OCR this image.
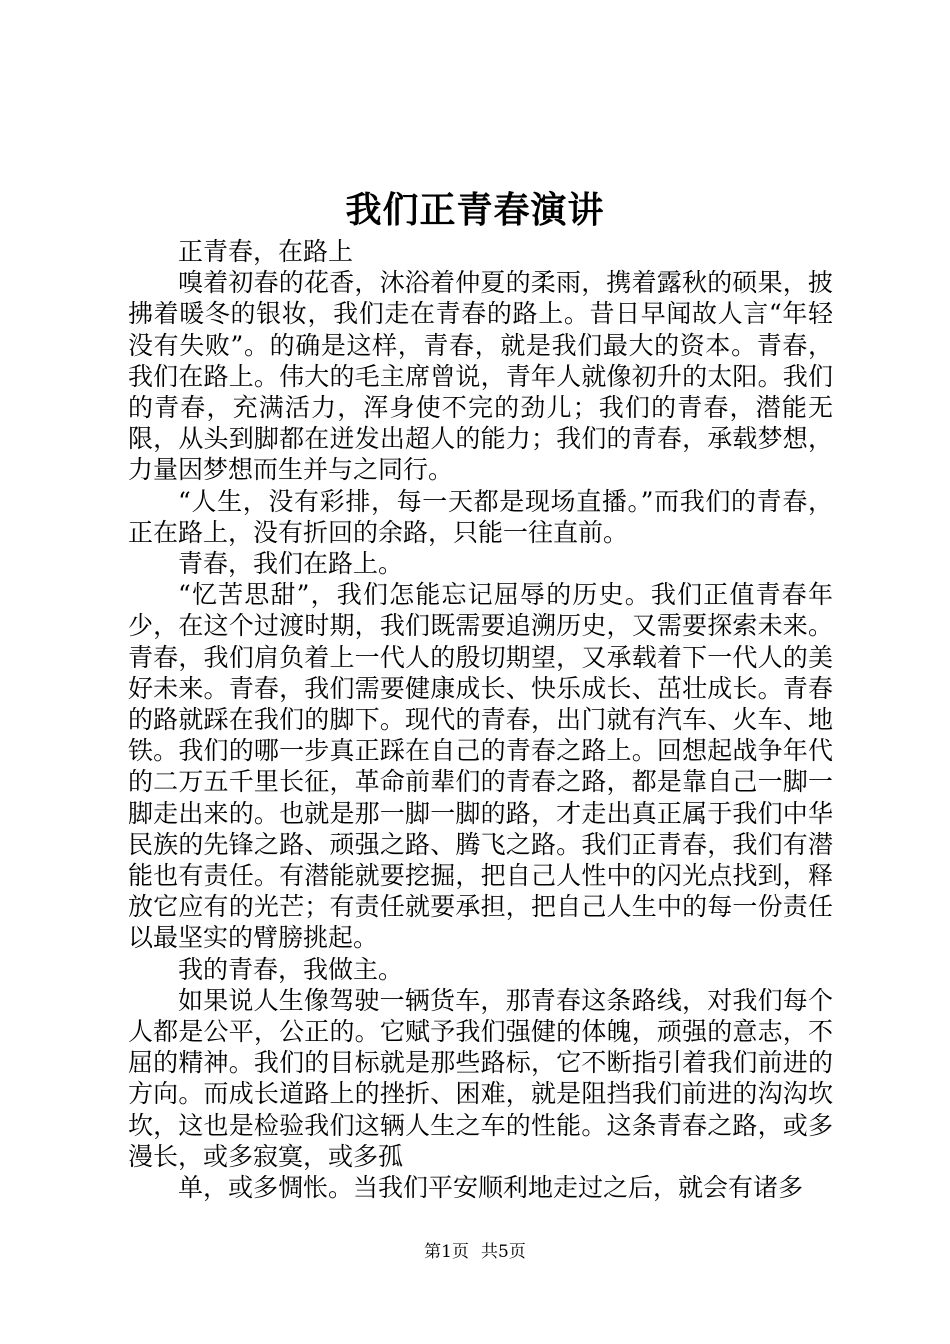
我们正青春演讲

正青春，在路上

嗅着初春的花香，沐浴着仲夏的柔雨，携着露秋的硕果，披拂着暖冬的银妆，我们走在青春的路上。昔日早闻故人言“年轻没有失败”。的确是这样，青春，就是我们最大的资本。青春，我们在路上。伟大的毛主席曾说，青年人就像初升的太阳。我们的青春，充满活力，浑身使不完的劲儿；我们的青春，潜能无限，从头到脚都在迸发出超人的能力；我们的青春，承载梦想，力量因梦想而生并与之同行。

“人生，没有彩排，每一天都是现场直播。”而我们的青春，正在路上，没有折回的余路，只能一往直前。

青春，我们在路上。

“忆苦思甜”，我们怎能忘记屈辱的历史。我们正值青春年少，在这个过渡时期，我们既需要追溯历史，又需要探索未来。青春，我们肩负着上一代人的殷切期望，又承载着下一代人的美好未来。青春，我们需要健康成长、快乐成长、茁壮成长。青春的路就踩在我们的脚下。现代的青春，出门就有汽车、火车、地铁。我们的哪一步真正踩在自己的青春之路上。回想起战争年代的二万五千里长征，革命前辈们的青春之路，都是靠自己一脚一脚走出来的。也就是那一脚一脚的路，才走出真正属于我们中华民族的先锋之路、顽强之路、腾飞之路。我们正青春，我们有潜能也有责任。有潜能就要挖掘，把自己人性中的闪光点找到，释放它应有的光芒；有责任就要承担，把自己人生中的每一份责任以最坚实的臂膀挑起。

我的青春，我做主。

如果说人生像驾驶一辆货车，那青春这条路线，对我们每个人都是公平，公正的。它赋予我们强健的体魄，顽强的意志，不屈的精神。我们的目标就是那些路标，它不断指引着我们前进的方向。而成长道路上的挫折、困难，就是阻挡我们前进的沟沟坎坎，这也是检验我们这辆人生之车的性能。这条青春之路，或多漫长，或多寂寞，或多孤

单，或多惆怅。当我们平安顺利地走过之后，就会有诸多

第1页 共5页
